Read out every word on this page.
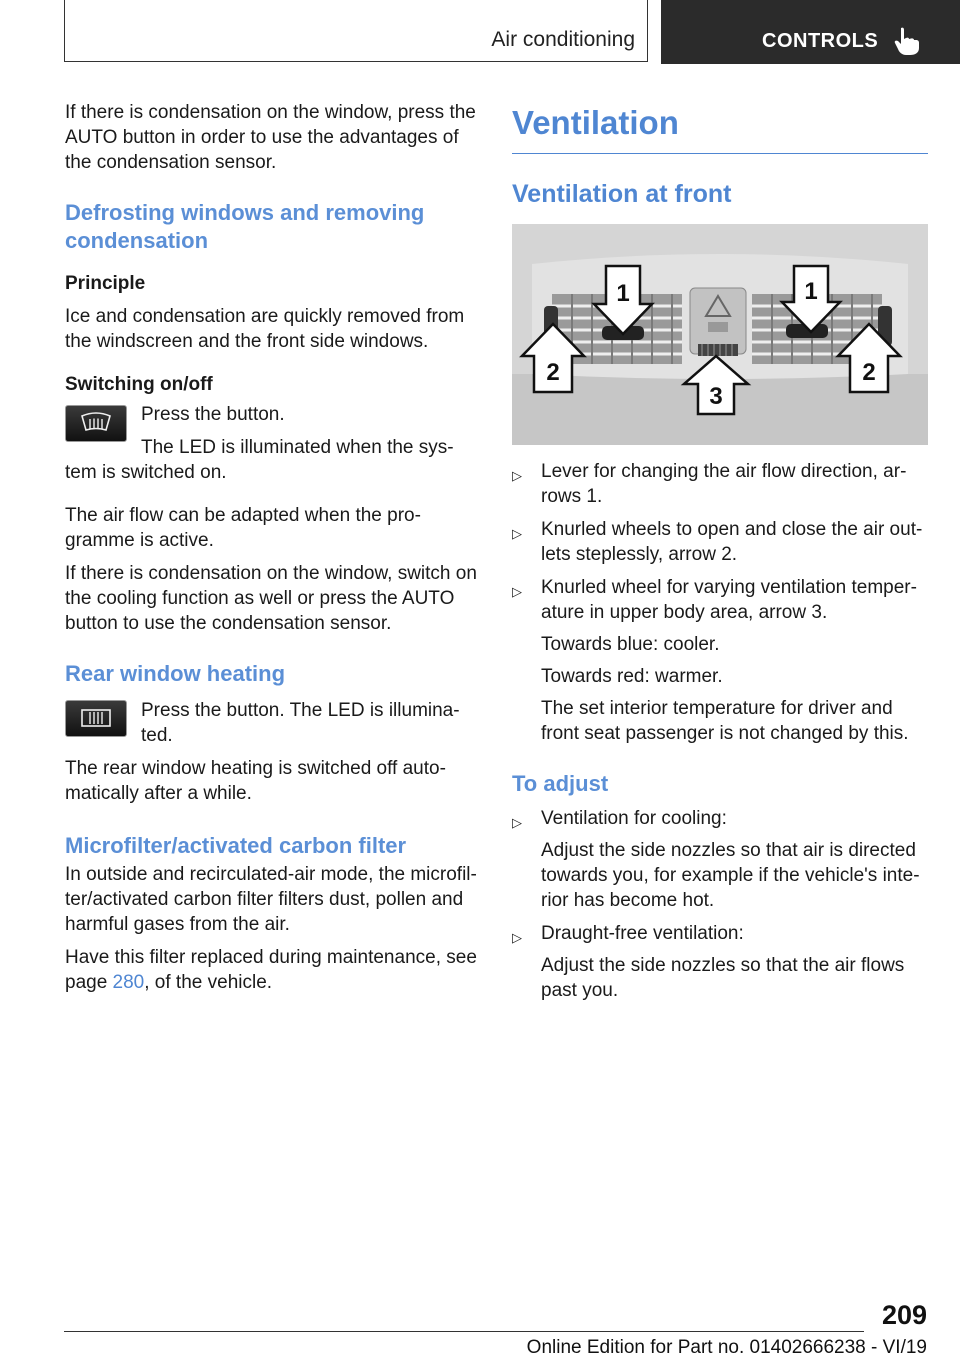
Air conditioning	CONTROLS

If there is condensation on the window, press the AUTO button in order to use the advantages of the condensation sensor.

Defrosting windows and removing condensation
Principle

Ice and condensation are quickly removed from the windscreen and the front side windows.

Switching on/off

Press the button.

The LED is illuminated when the sys‐

tem is switched on.

The air flow can be adapted when the pro‐ gramme is active.

If there is condensation on the window, switch on the cooling function as well or press the AUTO button to use the condensation sensor.

Rear window heating

Press the button. The LED is illumina‐ ted.

The rear window heating is switched off auto‐ matically after a while.

Microfilter/activated carbon filter

In outside and recirculated-air mode, the microfil‐ ter/activated carbon filter filters dust, pollen and harmful gases from the air.

Have this filter replaced during maintenance, see page 280, of the vehicle.

Ventilation
Ventilation at front
1	1
2	2
3
▷ Lever for changing the air flow direction, ar‐ rows 1.

▷ Knurled wheels to open and close the air out‐ lets steplessly, arrow 2.

▷ Knurled wheel for varying ventilation temper‐ ature in upper body area, arrow 3.

Towards blue: cooler.

Towards red: warmer.

The set interior temperature for driver and front seat passenger is not changed by this.

To adjust
▷ Ventilation for cooling:

Adjust the side nozzles so that air is directed towards you, for example if the vehicle's inte‐ rior has become hot.

▷ Draught-free ventilation:

Adjust the side nozzles so that the air flows past you.

209
Online Edition for Part no. 01402666238 - VI/19
